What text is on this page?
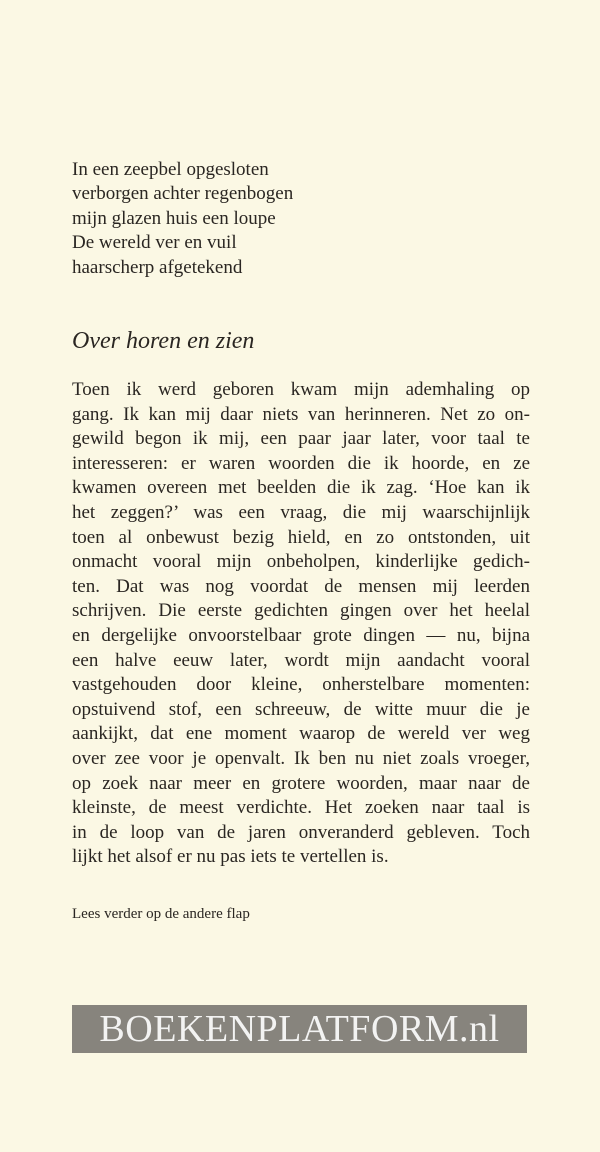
In een zeepbel opgesloten
verborgen achter regenbogen
mijn glazen huis een loupe
De wereld ver en vuil
haarscherp afgetekend
Over horen en zien
Toen ik werd geboren kwam mijn ademhaling op
gang. Ik kan mij daar niets van herinneren. Net zo on-
gewild begon ik mij, een paar jaar later, voor taal te
interesseren: er waren woorden die ik hoorde, en ze
kwamen overeen met beelden die ik zag. ‘Hoe kan ik
het zeggen?’ was een vraag, die mij waarschijnlijk
toen al onbewust bezig hield, en zo ontstonden, uit
onmacht vooral mijn onbeholpen, kinderlijke gedich-
ten. Dat was nog voordat de mensen mij leerden
schrijven. Die eerste gedichten gingen over het heelal
en dergelijke onvoorstelbaar grote dingen — nu, bijna
een halve eeuw later, wordt mijn aandacht vooral
vastgehouden door kleine, onherstelbare momenten:
opstuivend stof, een schreeuw, de witte muur die je
aankijkt, dat ene moment waarop de wereld ver weg
over zee voor je openvalt. Ik ben nu niet zoals vroeger,
op zoek naar meer en grotere woorden, maar naar de
kleinste, de meest verdichte. Het zoeken naar taal is
in de loop van de jaren onveranderd gebleven. Toch
lijkt het alsof er nu pas iets te vertellen is.
Lees verder op de andere flap
BOEKENPLATFORM.nl
